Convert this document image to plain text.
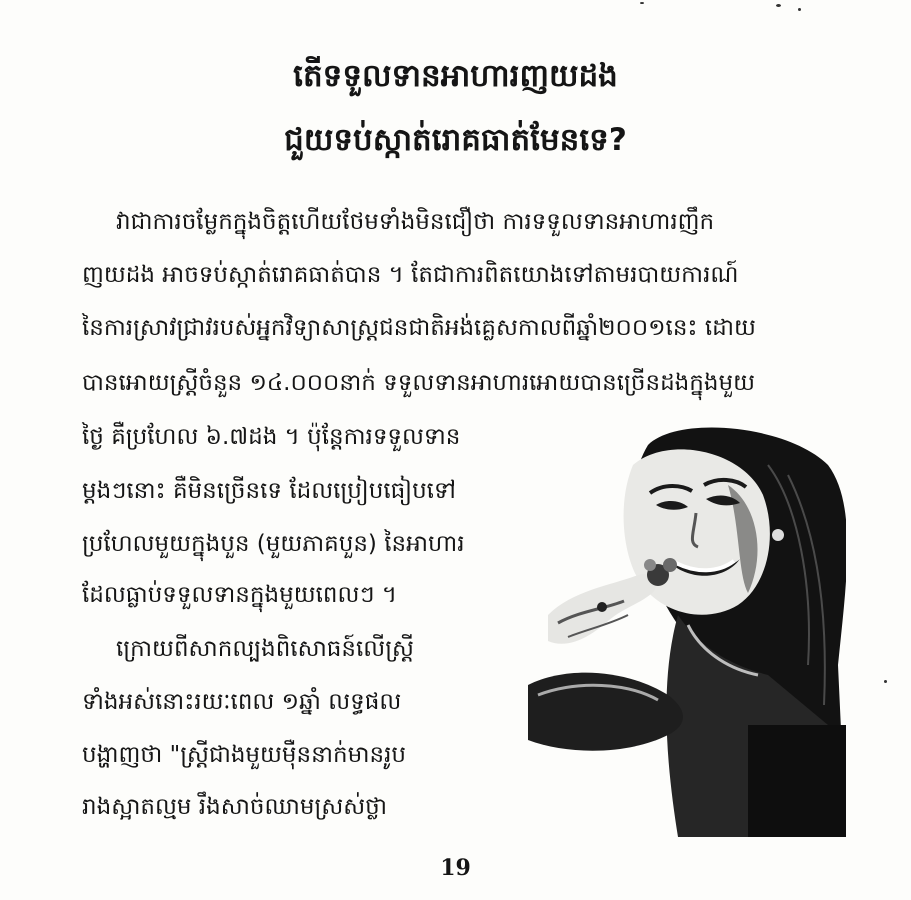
តើទទួលទានអាហារញយដង
ជួយទប់ស្កាត់រោគធាត់មែនទេ?
វាជាការចម្លែកក្នុងចិត្តហើយថែមទាំងមិនជឿថា ការទទួលទានអាហារញឹក
ញយដង អាចទប់ស្កាត់រោគធាត់បាន ។ តែជាការពិតយោងទៅតាមរបាយការណ៍
នៃការស្រាវជ្រាវរបស់អ្នកវិទ្យាសាស្រ្តជនជាតិអង់គ្លេសកាលពីឆ្នាំ២០០១នេះ ដោយ
បានអោយស្ត្រីចំនួន ១៤.០០០នាក់ ទទួលទានអាហារអោយបានច្រើនដងក្នុងមួយ
ថ្ងៃ គឺប្រហែល ៦.៧ដង ។ ប៉ុន្តែការទទួលទាន
ម្តងៗនោះ គឺមិនច្រើនទេ ដែលប្រៀបធៀបទៅ
ប្រហែលមួយក្នុងបួន (មួយភាគបួន) នៃអាហារ
ដែលធ្លាប់ទទួលទានក្នុងមួយពេលៗ ។
ក្រោយពីសាកល្បងពិសោធន៍លើស្ត្រី
ទាំងអស់នោះរយៈពេល ១ឆ្នាំ លទ្ធផល
បង្ហាញថា "ស្ត្រីជាងមួយម៉ឺននាក់មានរូប
រាងស្អាតល្មម រឹងសាច់ឈាមស្រស់ថ្លា
19
